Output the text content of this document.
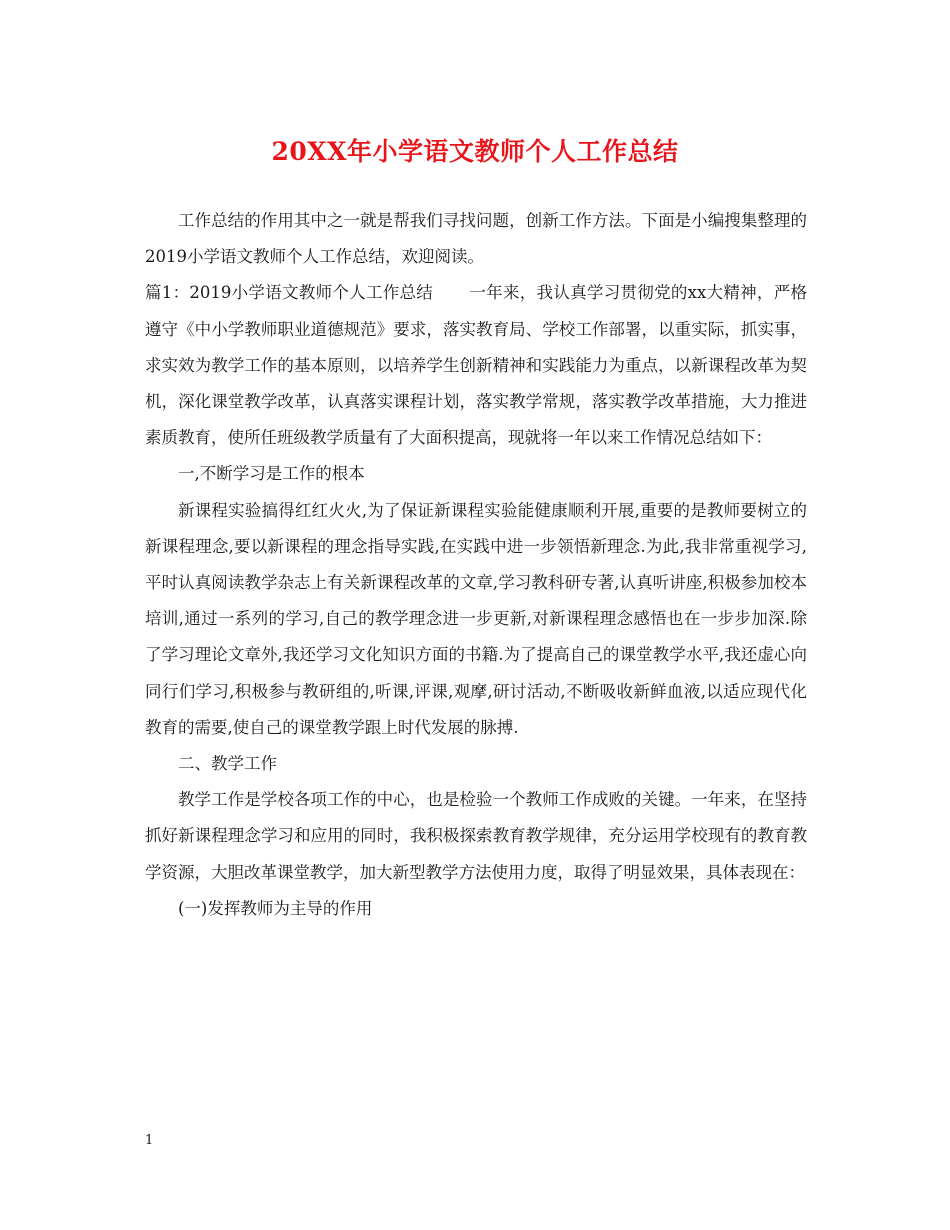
20XX年小学语文教师个人工作总结

工作总结的作用其中之一就是帮我们寻找问题，创新工作方法。下面是小编搜集整理的2019小学语文教师个人工作总结，欢迎阅读。

篇1：2019小学语文教师个人工作总结 一年来，我认真学习贯彻党的xx大精神，严格遵守《中小学教师职业道德规范》要求，落实教育局、学校工作部署，以重实际，抓实事，求实效为教学工作的基本原则，以培养学生创新精神和实践能力为重点，以新课程改革为契机，深化课堂教学改革，认真落实课程计划，落实教学常规，落实教学改革措施，大力推进素质教育，使所任班级教学质量有了大面积提高，现就将一年以来工作情况总结如下：

一,不断学习是工作的根本

新课程实验搞得红红火火,为了保证新课程实验能健康顺利开展,重要的是教师要树立的新课程理念,要以新课程的理念指导实践,在实践中进一步领悟新理念.为此,我非常重视学习,平时认真阅读教学杂志上有关新课程改革的文章,学习教科研专著,认真听讲座,积极参加校本培训,通过一系列的学习,自己的教学理念进一步更新,对新课程理念感悟也在一步步加深.除了学习理论文章外,我还学习文化知识方面的书籍.为了提高自己的课堂教学水平,我还虚心向同行们学习,积极参与教研组的,听课,评课,观摩,研讨活动,不断吸收新鲜血液,以适应现代化教育的需要,使自己的课堂教学跟上时代发展的脉搏.

二、教学工作

教学工作是学校各项工作的中心，也是检验一个教师工作成败的关键。一年来，在坚持抓好新课程理念学习和应用的同时，我积极探索教育教学规律，充分运用学校现有的教育教学资源，大胆改革课堂教学，加大新型教学方法使用力度，取得了明显效果，具体表现在：

(一)发挥教师为主导的作用

1
